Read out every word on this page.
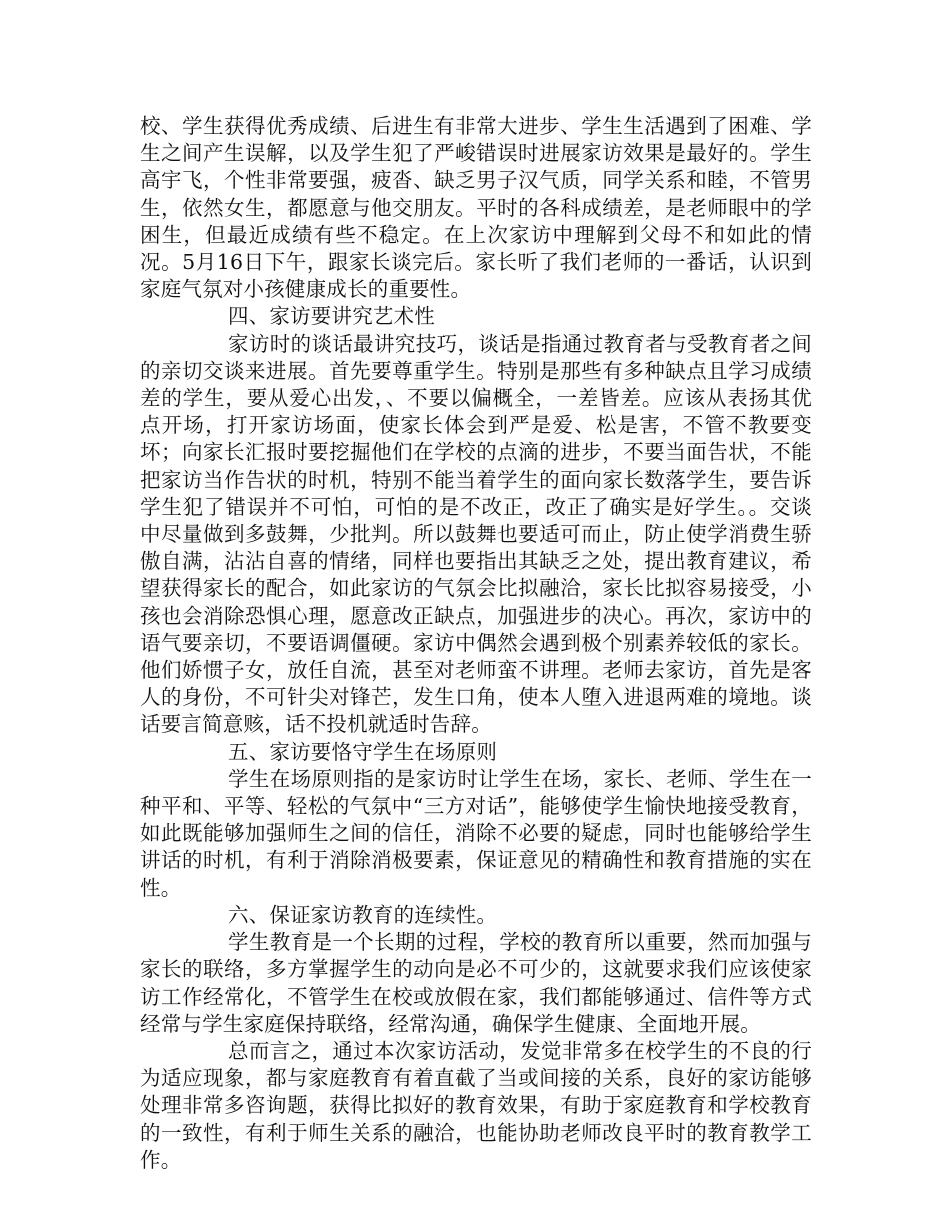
校、学生获得优秀成绩、后进生有非常大进步、学生生活遇到了困难、学生之间产生误解，以及学生犯了严峻错误时进展家访效果是最好的。学生高宇飞，个性非常要强，疲沓、缺乏男子汉气质，同学关系和睦，不管男生，依然女生，都愿意与他交朋友。平时的各科成绩差，是老师眼中的学困生，但最近成绩有些不稳定。在上次家访中理解到父母不和如此的情况。5月16日下午，跟家长谈完后。家长听了我们老师的一番话，认识到家庭气氛对小孩健康成长的重要性。

四、家访要讲究艺术性

家访时的谈话最讲究技巧，谈话是指通过教育者与受教育者之间的亲切交谈来进展。首先要尊重学生。特别是那些有多种缺点且学习成绩差的学生，要从爱心出发，、不要以偏概全，一差皆差。应该从表扬其优点开场，打开家访场面，使家长体会到严是爱、松是害，不管不教要变坏；向家长汇报时要挖掘他们在学校的点滴的进步，不要当面告状，不能把家访当作告状的时机，特别不能当着学生的面向家长数落学生，要告诉学生犯了错误并不可怕，可怕的是不改正，改正了确实是好学生。。交谈中尽量做到多鼓舞，少批判。所以鼓舞也要适可而止，防止使学消费生骄傲自满，沾沾自喜的情绪，同样也要指出其缺乏之处，提出教育建议，希望获得家长的配合，如此家访的气氛会比拟融洽，家长比拟容易接受，小孩也会消除恐惧心理，愿意改正缺点，加强进步的决心。再次，家访中的语气要亲切，不要语调僵硬。家访中偶然会遇到极个别素养较低的家长。他们娇惯子女，放任自流，甚至对老师蛮不讲理。老师去家访，首先是客人的身份，不可针尖对锋芒，发生口角，使本人堕入进退两难的境地。谈话要言简意赅，话不投机就适时告辞。

五、家访要恪守学生在场原则

学生在场原则指的是家访时让学生在场，家长、老师、学生在一种平和、平等、轻松的气氛中“三方对话”，能够使学生愉快地接受教育，如此既能够加强师生之间的信任，消除不必要的疑虑，同时也能够给学生讲话的时机，有利于消除消极要素，保证意见的精确性和教育措施的实在性。

六、保证家访教育的连续性。

学生教育是一个长期的过程，学校的教育所以重要，然而加强与家长的联络，多方掌握学生的动向是必不可少的，这就要求我们应该使家访工作经常化，不管学生在校或放假在家，我们都能够通过、信件等方式经常与学生家庭保持联络，经常沟通，确保学生健康、全面地开展。

总而言之，通过本次家访活动，发觉非常多在校学生的不良的行为适应现象，都与家庭教育有着直截了当或间接的关系，良好的家访能够处理非常多咨询题，获得比拟好的教育效果，有助于家庭教育和学校教育的一致性，有利于师生关系的融洽，也能协助老师改良平时的教育教学工作。
